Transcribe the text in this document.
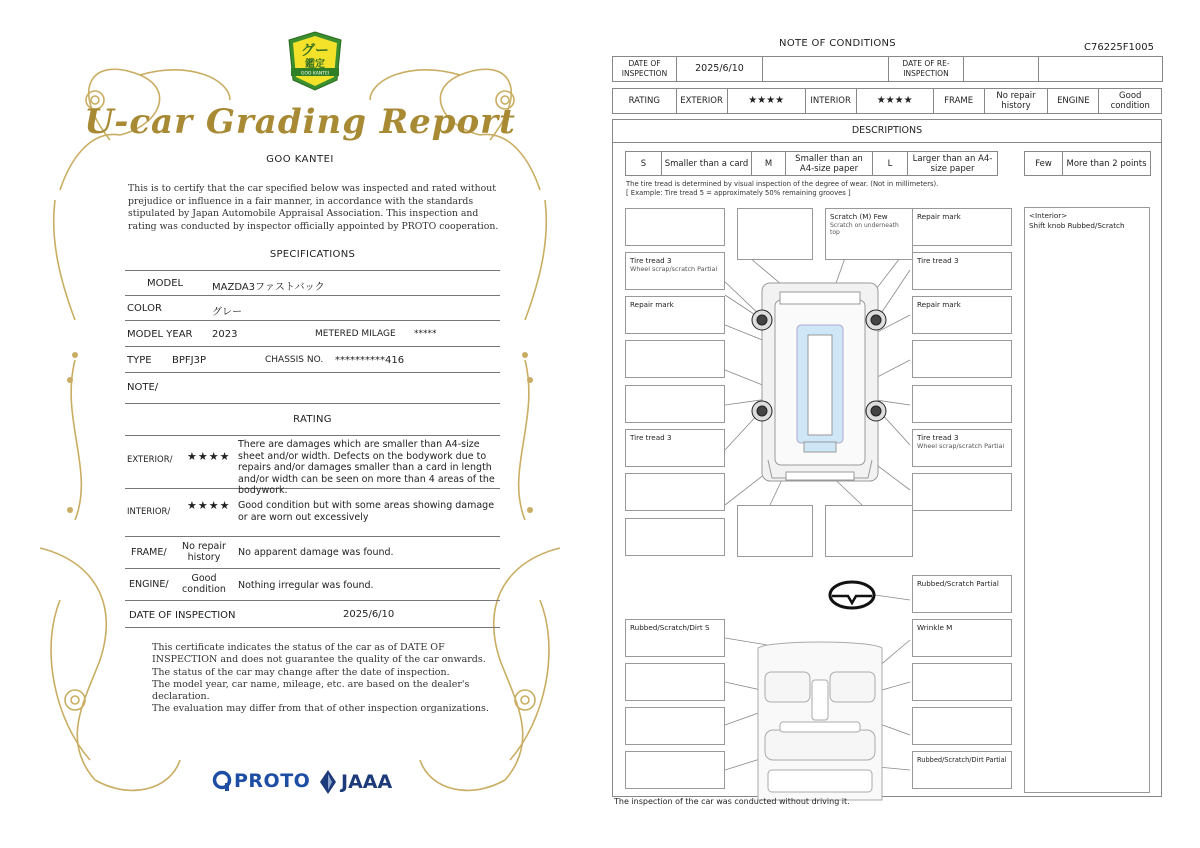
グー
鑑定
GOO KANTEI
U-car Grading Report
GOO KANTEI
This is to certify that the car specified below was inspected and rated without prejudice or influence in a fair manner, in accordance with the standards stipulated by Japan Automobile Appraisal Association. This inspection and rating was conducted by inspector officially appointed by PROTO cooperation.
SPECIFICATIONS
MODEL	MAZDA3ファストバック
COLOR	グレー
MODEL YEAR 2023	METERED MILAGE *****
TYPE BPFJ3P	CHASSIS NO. **********416
NOTE/
RATING
EXTERIOR/ ★★★★
There are damages which are smaller than A4-size sheet and/or width. Defects on the bodywork due to repairs and/or damages smaller than a card in length and/or width can be seen on more than 4 areas of the bodywork.
INTERIOR/ ★★★★ Good condition but with some areas showing damage or are worn out excessively
FRAME/
No repair history	No apparent damage was found.
ENGINE/
Good condition	Nothing irregular was found.
DATE OF INSPECTION	2025/6/10
This certificate indicates the status of the car as of DATE OF
INSPECTION and does not guarantee the quality of the car onwards.
The status of the car may change after the date of inspection.
The model year, car name, mileage, etc. are based on the dealer's
declaration.
The evaluation may differ from that of other inspection organizations.
PROTO JAAA
NOTE OF CONDITIONS	C76225F1005
DATE OF INSPECTION	2025/6/10		DATE OF RE-INSPECTION		
RATING	EXTERIOR	★★★★	INTERIOR	★★★★	FRAME	No repair history	ENGINE	Good condition
DESCRIPTIONS
S	Smaller than a card	M	Smaller than an A4-size paper	L	Larger than an A4-size paper	Few	More than 2 points
The tire tread is determined by visual inspection of the degree of wear. (Not in millimeters).
[ Example: Tire tread 5 = approximately 50% remaining grooves ]
Tire tread 3
Wheel scrap/scratch Partial
Repair mark
Tire tread 3
Scratch (M) Few
Scratch on underneath top
Repair mark
Tire tread 3
Repair mark
Tire tread 3
Wheel scrap/scratch Partial
Rubbed/Scratch Partial
Rubbed/Scratch/Dirt S	Wrinkle M
Rubbed/Scratch/Dirt Partial
<Interior>
Shift knob Rubbed/Scratch
The inspection of the car was conducted without driving it.
